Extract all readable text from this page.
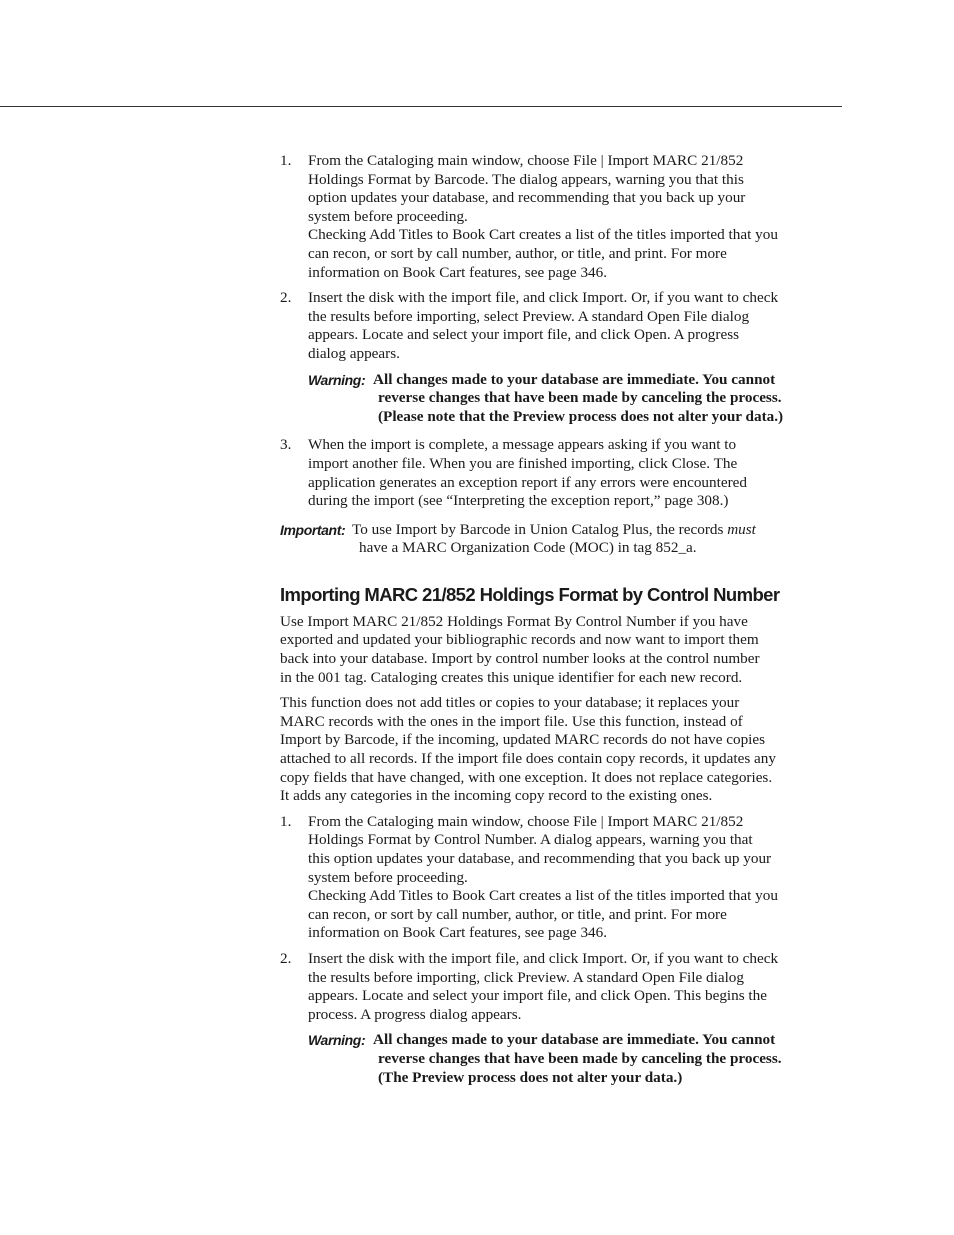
1. From the Cataloging main window, choose File | Import MARC 21/852
Holdings Format by Barcode. The dialog appears, warning you that this
option updates your database, and recommending that you back up your
system before proceeding.
Checking Add Titles to Book Cart creates a list of the titles imported that you
can recon, or sort by call number, author, or title, and print. For more
information on Book Cart features, see page 346.

2. Insert the disk with the import file, and click Import. Or, if you want to check
the results before importing, select Preview. A standard Open File dialog
appears. Locate and select your import file, and click Open. A progress
dialog appears.

Warning: All changes made to your database are immediate. You cannot
reverse changes that have been made by canceling the process.
(Please note that the Preview process does not alter your data.)
3. When the import is complete, a message appears asking if you want to
import another file. When you are finished importing, click Close. The
application generates an exception report if any errors were encountered
during the import (see “Interpreting the exception report,” page 308.)

Important: To use Import by Barcode in Union Catalog Plus, the records must
have a MARC Organization Code (MOC) in tag 852_a.
Importing MARC 21/852 Holdings Format by Control Number

Use Import MARC 21/852 Holdings Format By Control Number if you have
exported and updated your bibliographic records and now want to import them
back into your database. Import by control number looks at the control number
in the 001 tag. Cataloging creates this unique identifier for each new record.

This function does not add titles or copies to your database; it replaces your
MARC records with the ones in the import file. Use this function, instead of
Import by Barcode, if the incoming, updated MARC records do not have copies
attached to all records. If the import file does contain copy records, it updates any
copy fields that have changed, with one exception. It does not replace categories.
It adds any categories in the incoming copy record to the existing ones.

1. From the Cataloging main window, choose File | Import MARC 21/852
Holdings Format by Control Number. A dialog appears, warning you that
this option updates your database, and recommending that you back up your
system before proceeding.
Checking Add Titles to Book Cart creates a list of the titles imported that you
can recon, or sort by call number, author, or title, and print. For more
information on Book Cart features, see page 346.

2. Insert the disk with the import file, and click Import. Or, if you want to check
the results before importing, click Preview. A standard Open File dialog
appears. Locate and select your import file, and click Open. This begins the
process. A progress dialog appears.

Warning: All changes made to your database are immediate. You cannot
reverse changes that have been made by canceling the process.
(The Preview process does not alter your data.)
